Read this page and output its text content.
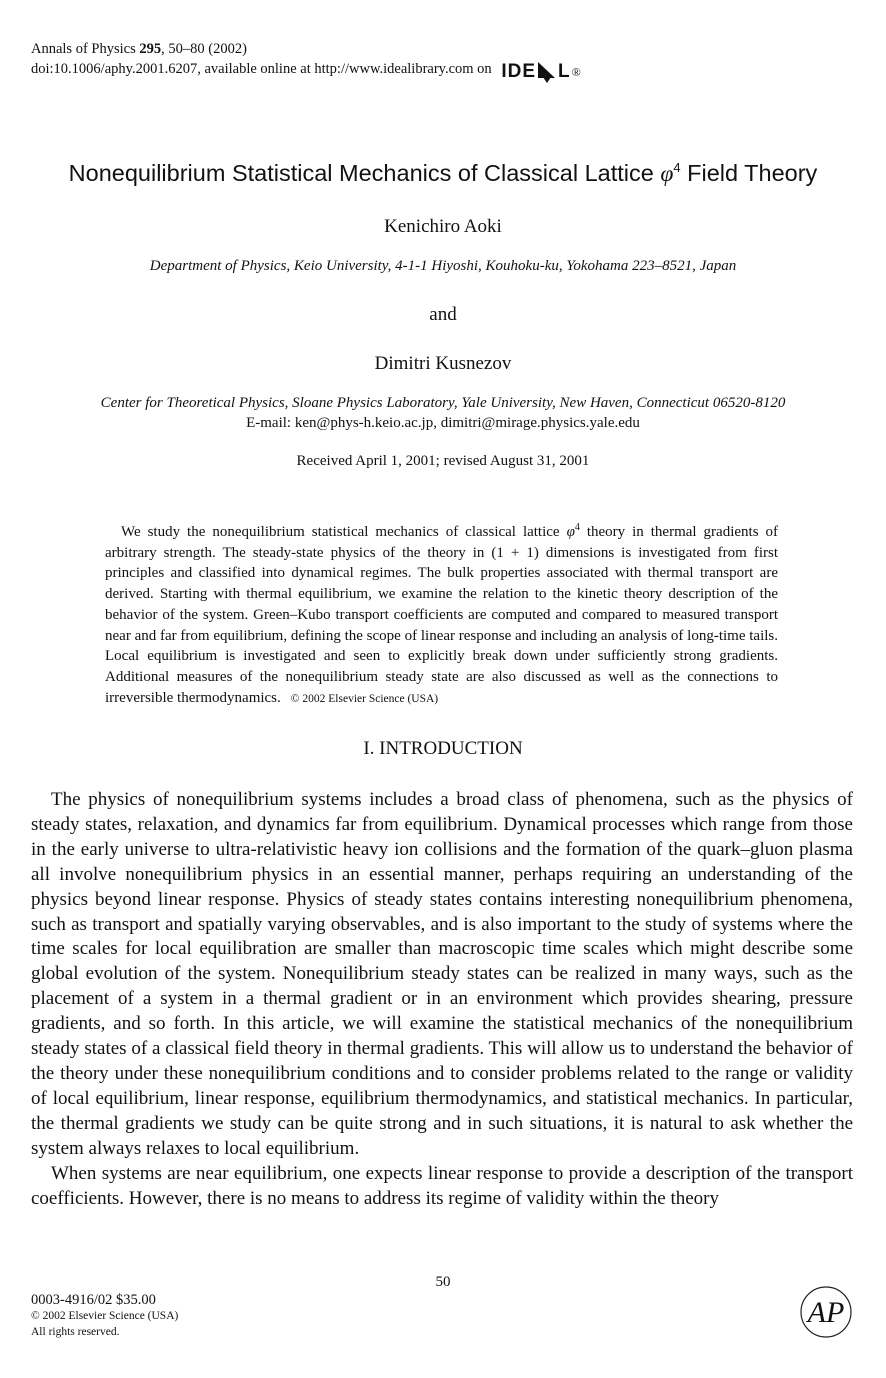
Annals of Physics 295, 50–80 (2002)
doi:10.1006/aphy.2001.6207, available online at http://www.idealibrary.com on IDE L ®
Nonequilibrium Statistical Mechanics of Classical Lattice $\varphi^4$ Field Theory
Kenichiro Aoki
Department of Physics, Keio University, 4-1-1 Hiyoshi, Kouhoku-ku, Yokohama 223–8521, Japan
and
Dimitri Kusnezov
Center for Theoretical Physics, Sloane Physics Laboratory, Yale University, New Haven, Connecticut 06520-8120
E-mail: ken@phys-h.keio.ac.jp, dimitri@mirage.physics.yale.edu
Received April 1, 2001; revised August 31, 2001

We study the nonequilibrium statistical mechanics of classical lattice $\varphi^4$ theory in thermal gradients of arbitrary strength. The steady-state physics of the theory in (1 + 1) dimensions is investigated from first principles and classified into dynamical regimes. The bulk properties associated with thermal transport are derived. Starting with thermal equilibrium, we examine the relation to the kinetic theory description of the behavior of the system. Green–Kubo transport coefficients are computed and compared to measured transport near and far from equilibrium, defining the scope of linear response and including an analysis of long-time tails. Local equilibrium is investigated and seen to explicitly break down under sufficiently strong gradients. Additional measures of the nonequilibrium steady state are also discussed as well as the connections to irreversible thermodynamics. © 2002 Elsevier Science (USA)

I. INTRODUCTION

The physics of nonequilibrium systems includes a broad class of phenomena, such as the physics of steady states, relaxation, and dynamics far from equilibrium. Dynamical processes which range from those in the early universe to ultra-relativistic heavy ion collisions and the formation of the quark–gluon plasma all involve nonequilibrium physics in an essential manner, perhaps requiring an understanding of the physics beyond linear response. Physics of steady states contains interesting nonequilibrium phenomena, such as transport and spatially varying observables, and is also important to the study of systems where the time scales for local equilibration are smaller than macroscopic time scales which might describe some global evolution of the system. Nonequilibrium steady states can be realized in many ways, such as the placement of a system in a thermal gradient or in an environment which provides shearing, pressure gradients, and so forth. In this article, we will examine the statistical mechanics of the nonequilibrium steady states of a classical field theory in thermal gradients. This will allow us to understand the behavior of the theory under these nonequilibrium conditions and to consider problems related to the range or validity of local equilibrium, linear response, equilibrium thermodynamics, and statistical mechanics. In particular, the thermal gradients we study can be quite strong and in such situations, it is natural to ask whether the system always relaxes to local equilibrium.

When systems are near equilibrium, one expects linear response to provide a description of the transport coefficients. However, there is no means to address its regime of validity within the theory

50
0003-4916/02 $35.00
© 2002 Elsevier Science (USA)
All rights reserved.
AP
